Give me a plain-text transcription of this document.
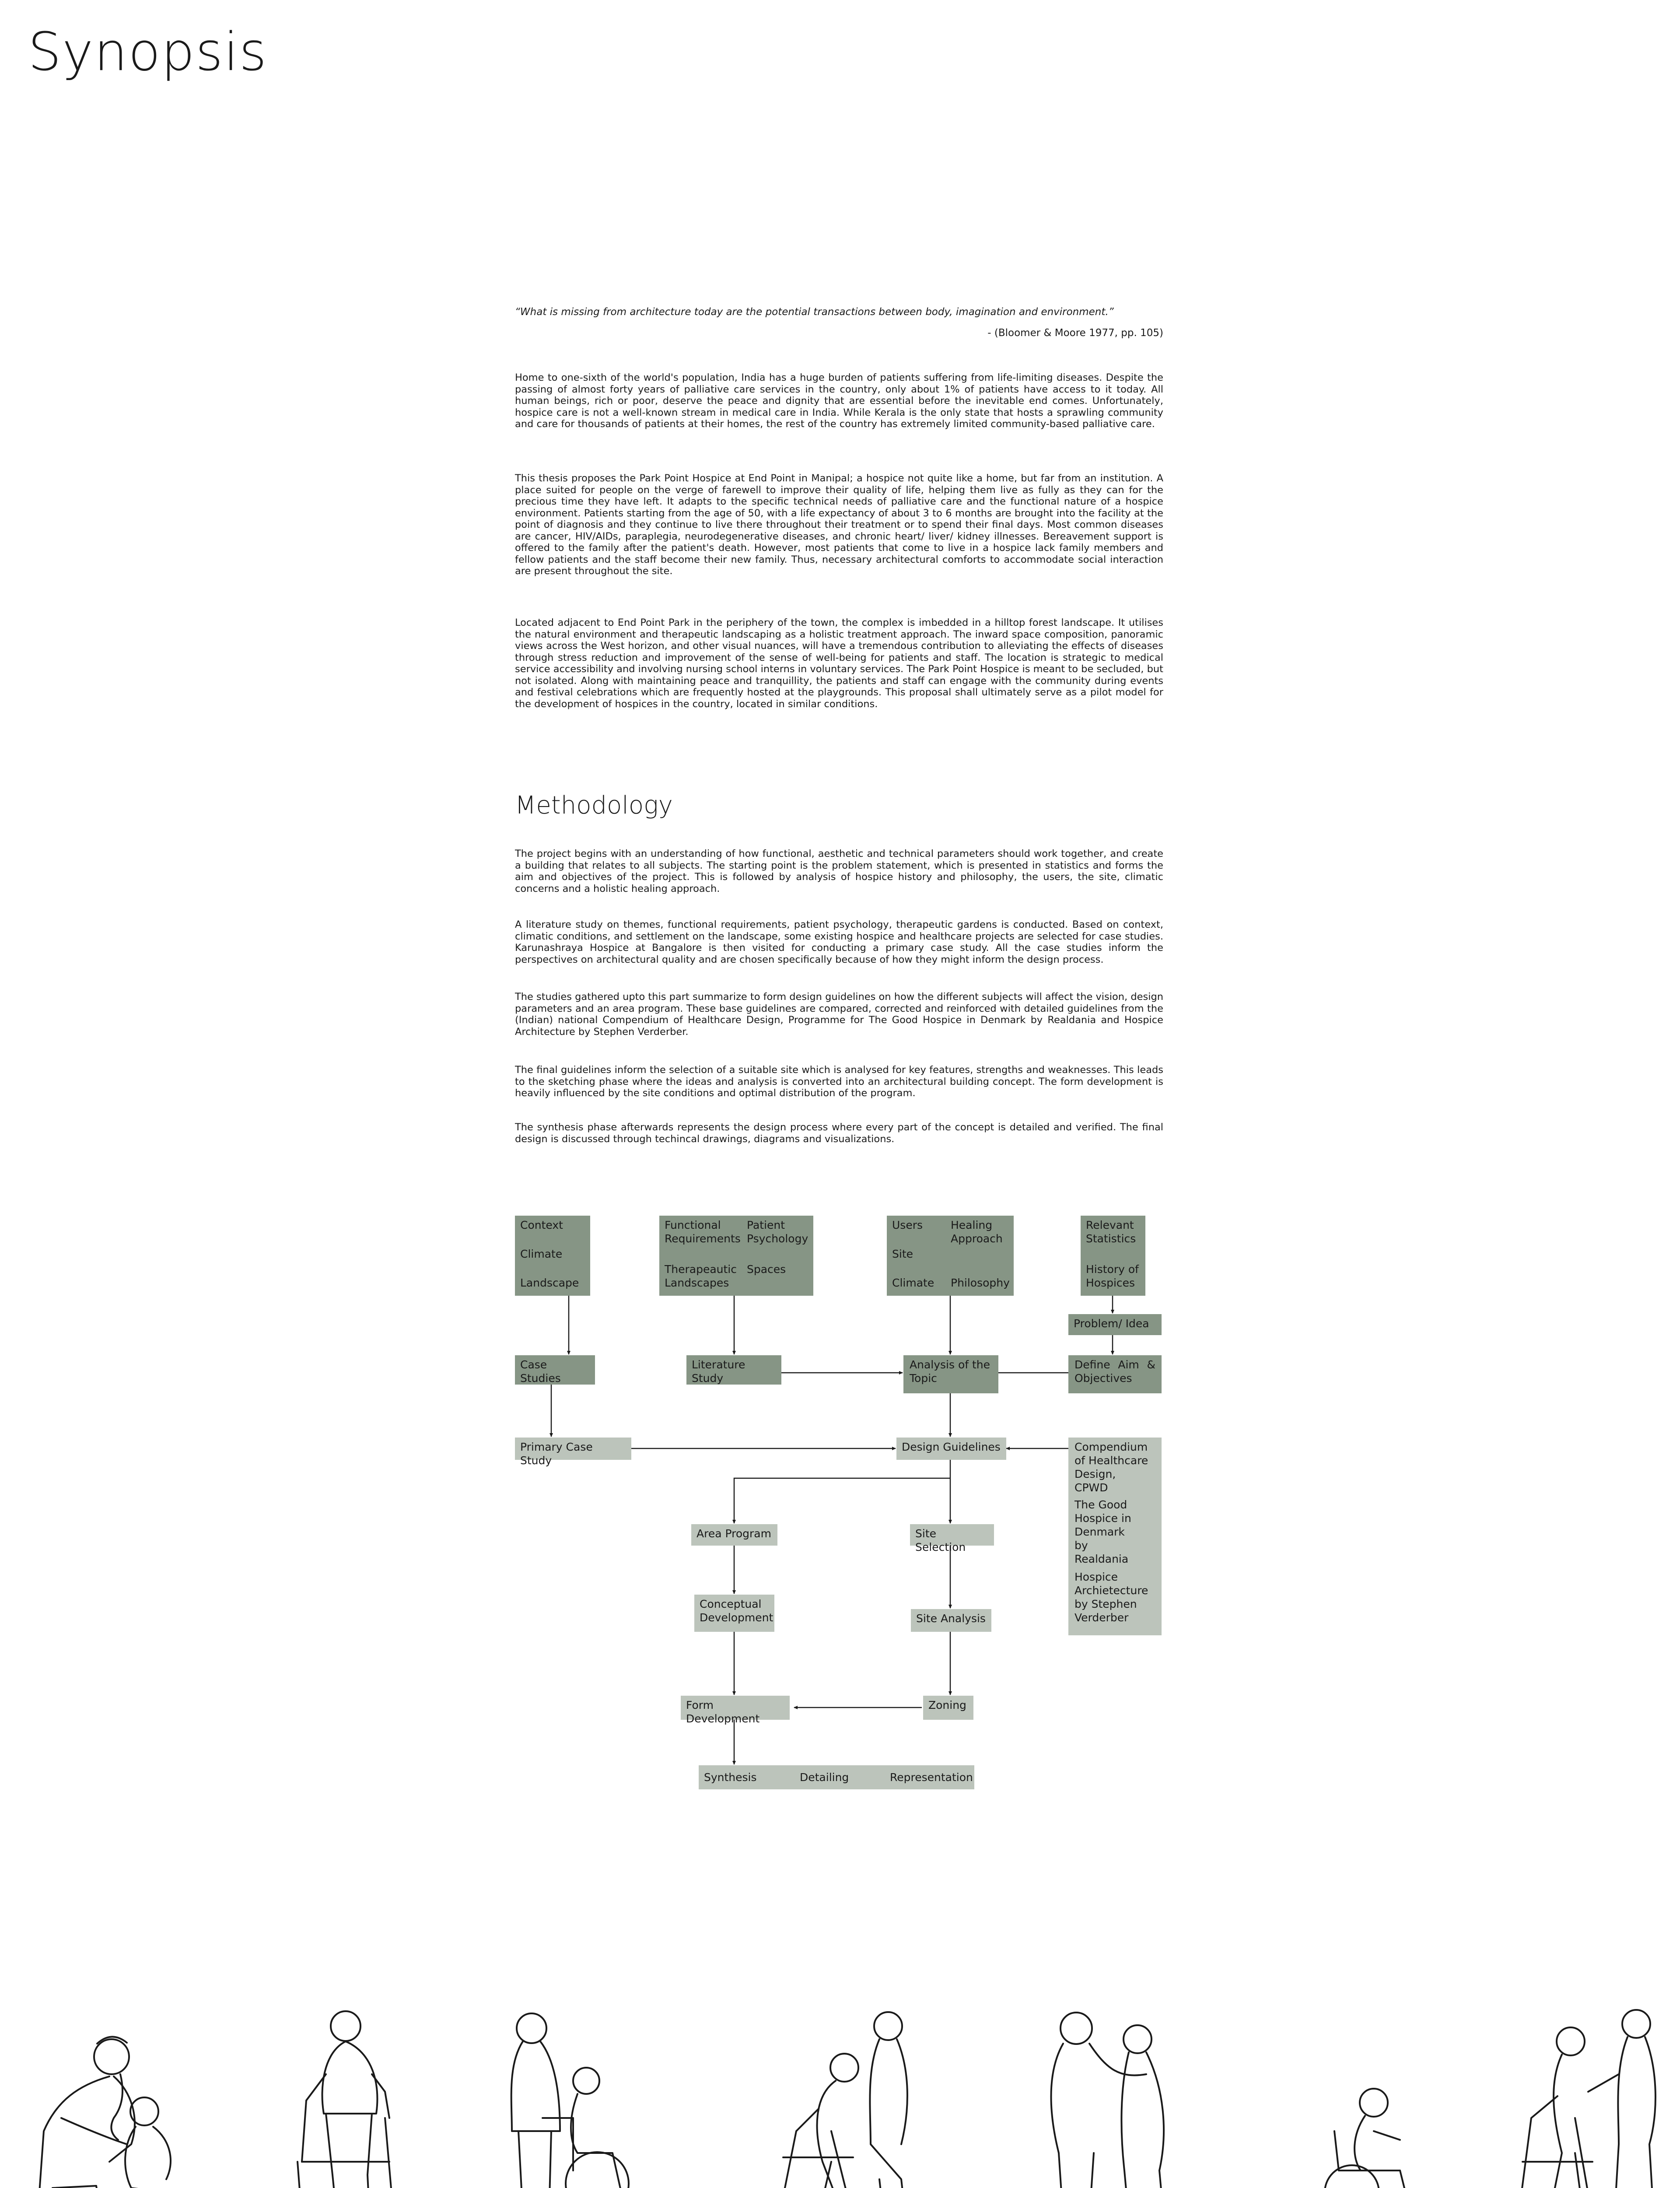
Synopsis
“What is missing from architecture today are the potential transactions between body, imagination and environment.”
- (Bloomer & Moore 1977, pp. 105)

Home to one-sixth of the world's population, India has a huge burden of patients suffering from life-limiting diseases. Despite the passing of almost forty years of palliative care services in the country, only about 1% of patients have access to it today. All human beings, rich or poor, deserve the peace and dignity that are essential before the inevitable end comes. Unfortunately, hospice care is not a well-known stream in medical care in India. While Kerala is the only state that hosts a sprawling community and care for thousands of patients at their homes, the rest of the country has extremely limited community-based palliative care.

This thesis proposes the Park Point Hospice at End Point in Manipal; a hospice not quite like a home, but far from an institution. A place suited for people on the verge of farewell to improve their quality of life, helping them live as fully as they can for the precious time they have left. It adapts to the specific technical needs of palliative care and the functional nature of a hospice environment. Patients starting from the age of 50, with a life expectancy of about 3 to 6 months are brought into the facility at the point of diagnosis and they continue to live there throughout their treatment or to spend their final days. Most common diseases are cancer, HIV/AIDs, paraplegia, neurodegenerative diseases, and chronic heart/ liver/ kidney illnesses. Bereavement support is offered to the family after the patient's death. However, most patients that come to live in a hospice lack family members and fellow patients and the staff become their new family. Thus, necessary architectural comforts to accommodate social interaction are present throughout the site.

Located adjacent to End Point Park in the periphery of the town, the complex is imbedded in a hilltop forest landscape. It utilises the natural environment and therapeutic landscaping as a holistic treatment approach. The inward space composition, panoramic views across the West horizon, and other visual nuances, will have a tremendous contribution to alleviating the effects of diseases through stress reduction and improvement of the sense of well-being for patients and staff. The location is strategic to medical service accessibility and involving nursing school interns in voluntary services. The Park Point Hospice is meant to be secluded, but not isolated. Along with maintaining peace and tranquillity, the patients and staff can engage with the community during events and festival celebrations which are frequently hosted at the playgrounds. This proposal shall ultimately serve as a pilot model for the development of hospices in the country, located in similar conditions.

Methodology

The project begins with an understanding of how functional, aesthetic and technical parameters should work together, and create a building that relates to all subjects. The starting point is the problem statement, which is presented in statistics and forms the aim and objectives of the project. This is followed by analysis of hospice history and philosophy, the users, the site, climatic concerns and a holistic healing approach.

A literature study on themes, functional requirements, patient psychology, therapeutic gardens is conducted. Based on context, climatic conditions, and settlement on the landscape, some existing hospice and healthcare projects are selected for case studies. Karunashraya Hospice at Bangalore is then visited for conducting a primary case study. All the case studies inform the perspectives on architectural quality and are chosen specifically because of how they might inform the design process.

The studies gathered upto this part summarize to form design guidelines on how the different subjects will affect the vision, design parameters and an area program. These base guidelines are compared, corrected and reinforced with detailed guidelines from the (Indian) national Compendium of Healthcare Design, Programme for The Good Hospice in Denmark by Realdania and Hospice Architecture by Stephen Verderber.

The final guidelines inform the selection of a suitable site which is analysed for key features, strengths and weaknesses. This leads to the sketching phase where the ideas and analysis is converted into an architectural building concept. The form development is heavily influenced by the site conditions and optimal distribution of the program.

The synthesis phase afterwards represents the design process where every part of the concept is detailed and verified. The final design is discussed through techincal drawings, diagrams and visualizations.

Context
Climate
Landscape
Functional Requirements
Patient Psychology
Therapeautic Landscapes
Spaces
Users	Healing Approach
Site
Climate Philosophy
Relevant Statistics
History of Hospices
Problem/ Idea
Case Studies
Literature Study
Analysis of the Topic
Define Aim & Objectives
Primary Case Study
Design Guidelines	Compendium of Healthcare Design, CPWD
The Good Hospice in Denmark by Realdania
Hospice Archietecture by Stephen Verderber
Area Program	Site Selection
Conceptual Development	Site Analysis
Form Development
Zoning
Synthesis	Detailing	Representation
